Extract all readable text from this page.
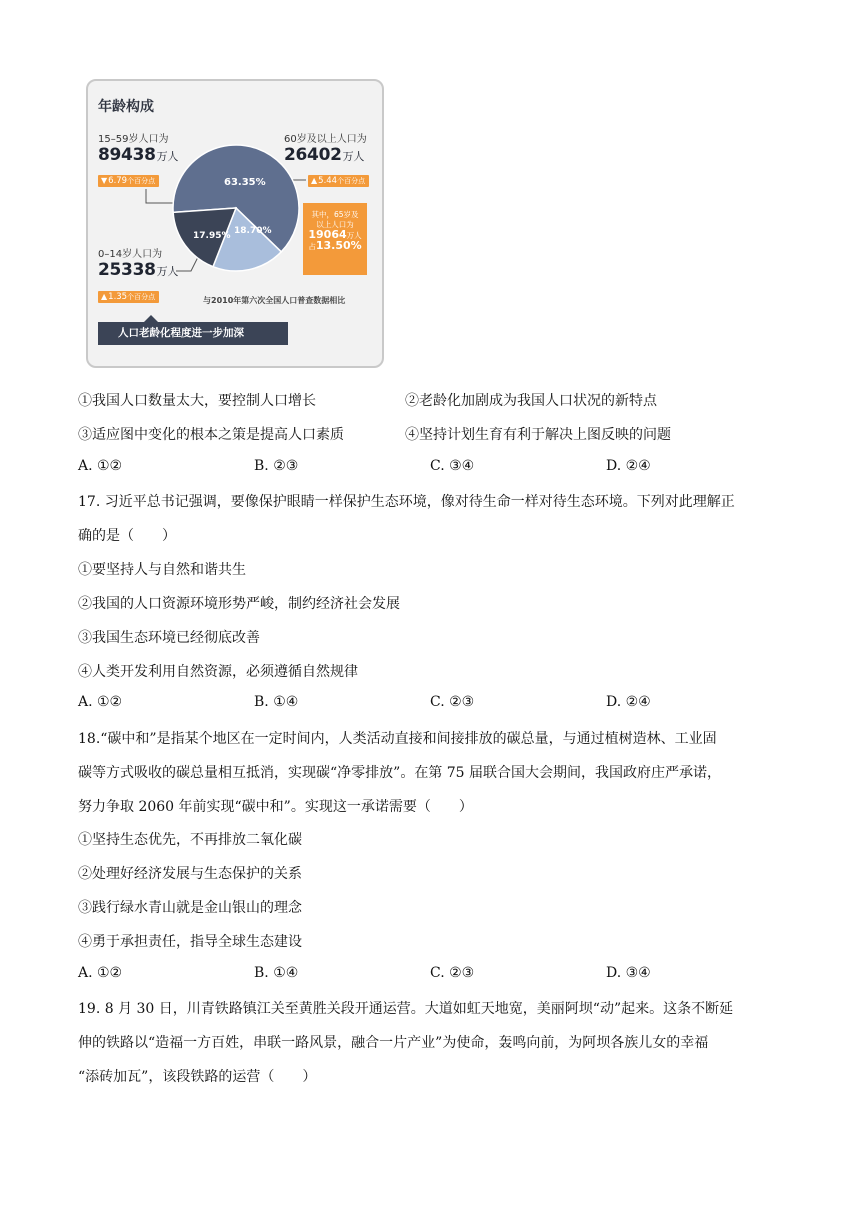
63.35%
17.95% 18.70%
年龄构成
15–59岁人口为
89438万人
▼6.79个百分点
60岁及以上人口为
26402万人
▲5.44个百分点
其中，65岁及
以上人口为
19064万人
占13.50%
0–14岁人口为
25338万人
▲1.35个百分点	与2010年第六次全国人口普查数据相比
人口老龄化程度进一步加深
①我国人口数量太大，要控制人口增长	②老龄化加剧成为我国人口状况的新特点
③适应图中变化的根本之策是提高人口素质	④坚持计划生育有利于解决上图反映的问题
A. ①②	B. ②③	C. ③④	D. ②④
17. 习近平总书记强调，要像保护眼睛一样保护生态环境，像对待生命一样对待生态环境。下列对此理解正
确的是（　　）
①要坚持人与自然和谐共生
②我国的人口资源环境形势严峻，制约经济社会发展
③我国生态环境已经彻底改善
④人类开发利用自然资源，必须遵循自然规律
A. ①②	B. ①④	C. ②③	D. ②④
18.“碳中和”是指某个地区在一定时间内，人类活动直接和间接排放的碳总量，与通过植树造林、工业固
碳等方式吸收的碳总量相互抵消，实现碳“净零排放”。在第 75 届联合国大会期间，我国政府庄严承诺，
努力争取 2060 年前实现“碳中和”。实现这一承诺需要（　　）
①坚持生态优先，不再排放二氧化碳
②处理好经济发展与生态保护的关系
③践行绿水青山就是金山银山的理念
④勇于承担责任，指导全球生态建设
A. ①②	B. ①④	C. ②③	D. ③④
19. 8 月 30 日，川青铁路镇江关至黄胜关段开通运营。大道如虹天地宽，美丽阿坝“动”起来。这条不断延
伸的铁路以“造福一方百姓，串联一路风景，融合一片产业”为使命，轰鸣向前，为阿坝各族儿女的幸福
“添砖加瓦”，该段铁路的运营（　　）
